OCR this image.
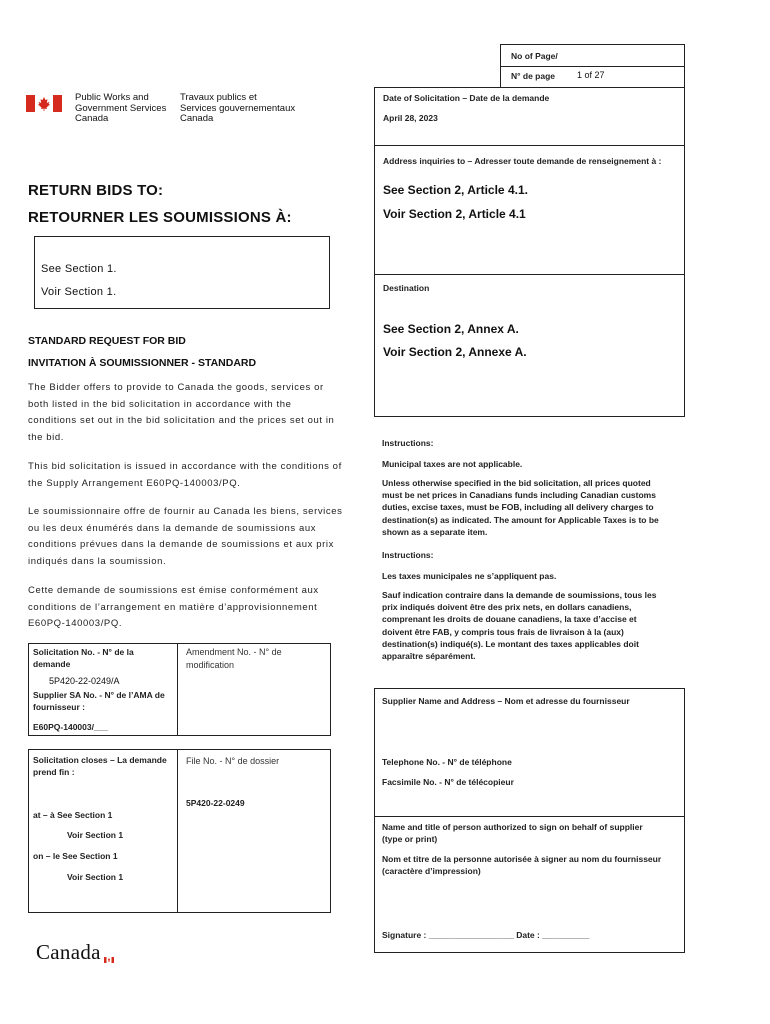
No of Page/
N° de page 1 of 27
Public Works and
Government Services
Canada
Travaux publics et
Services gouvernementaux
Canada
Date of Solicitation – Date de la demande
April 28, 2023
Address inquiries to – Adresser toute demande de renseignement à :
See Section 2, Article 4.1.
Voir Section 2, Article 4.1
Destination
See Section 2, Annex A.
Voir Section 2, Annexe A.
RETURN BIDS TO:
RETOURNER LES SOUMISSIONS À:
See Section 1.
Voir Section 1.
STANDARD REQUEST FOR BID
INVITATION À SOUMISSIONNER - STANDARD
The Bidder offers to provide to Canada the goods, services or
both listed in the bid solicitation in accordance with the
conditions set out in the bid solicitation and the prices set out in
the bid.
This bid solicitation is issued in accordance with the conditions of
the Supply Arrangement E60PQ-140003/PQ.
Le soumissionnaire offre de fournir au Canada les biens, services
ou les deux énumérés dans la demande de soumissions aux
conditions prévues dans la demande de soumissions et aux prix
indiqués dans la soumission.
Cette demande de soumissions est émise conformément aux
conditions de l’arrangement en matière d’approvisionnement
E60PQ-140003/PQ.
Instructions:
Municipal taxes are not applicable.
Unless otherwise specified in the bid solicitation, all prices quoted
must be net prices in Canadians funds including Canadian customs
duties, excise taxes, must be FOB, including all delivery charges to
destination(s) as indicated. The amount for Applicable Taxes is to be
shown as a separate item.
Instructions:
Les taxes municipales ne s’appliquent pas.
Sauf indication contraire dans la demande de soumissions, tous les
prix indiqués doivent être des prix nets, en dollars canadiens,
comprenant les droits de douane canadiens, la taxe d’accise et
doivent être FAB, y compris tous frais de livraison à la (aux)
destination(s) indiqué(s). Le montant des taxes applicables doit
apparaître séparément.
Solicitation No. - N° de la
demande
5P420-22-0249/A
Supplier SA No. - N° de l’AMA de
fournisseur :
E60PQ-140003/___
Amendment No. - N° de
modification
Solicitation closes – La demande
prend fin :
at – à See Section 1
Voir Section 1
on – le See Section 1
Voir Section 1
File No. - N° de dossier
5P420-22-0249
Supplier Name and Address – Nom et adresse du fournisseur
Telephone No. - N° de téléphone
Facsimile No. - N° de télécopieur
Name and title of person authorized to sign on behalf of supplier
(type or print)
Nom et titre de la personne autorisée à signer au nom du fournisseur
(caractère d’impression)
Signature : __________________ Date : __________
Canada
